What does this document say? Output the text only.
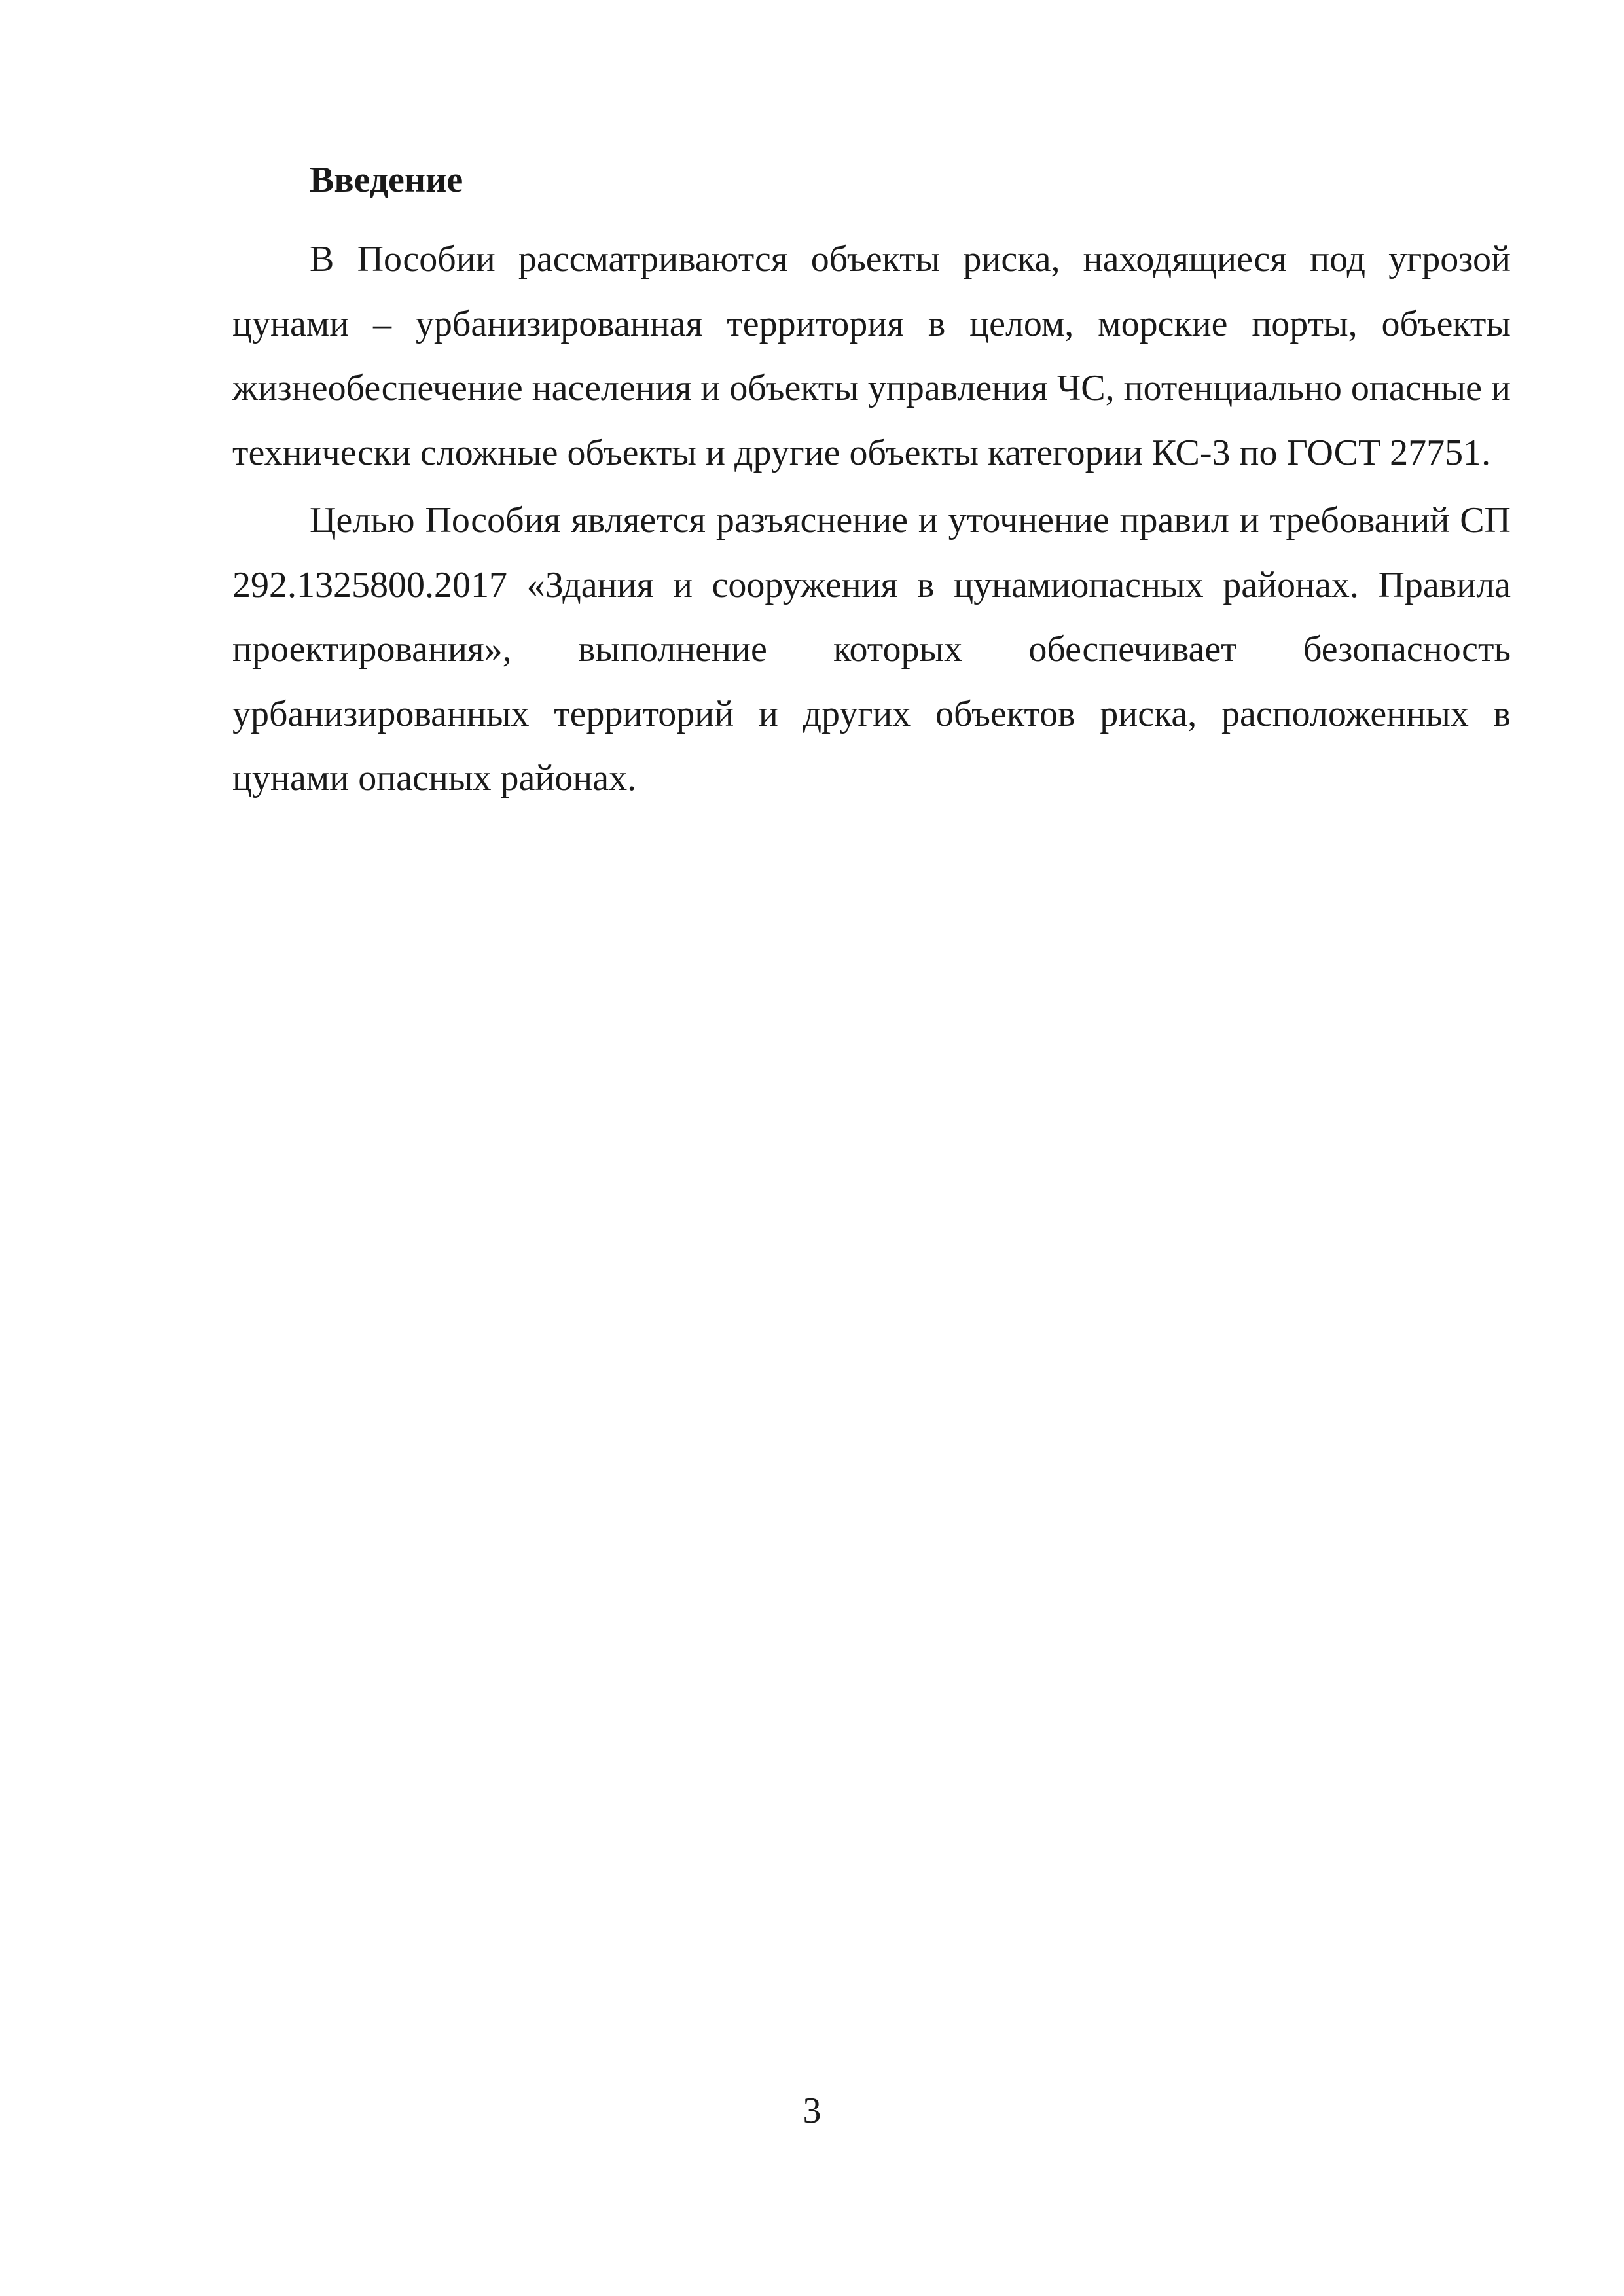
Введение

В Пособии рассматриваются объекты риска, находящиеся под угрозой цунами – урбанизированная территория в целом, морские порты, объекты жизнеобеспечение населения и объекты управления ЧС, потенциально опасные и технически сложные объекты и другие объекты категории КС-3 по ГОСТ 27751.

Целью Пособия является разъяснение и уточнение правил и требований СП 292.1325800.2017 «Здания и сооружения в цунамиопасных районах. Правила проектирования», выполнение которых обеспечивает безопасность урбанизированных территорий и других объектов риска, расположенных в цунами опасных районах.

3
